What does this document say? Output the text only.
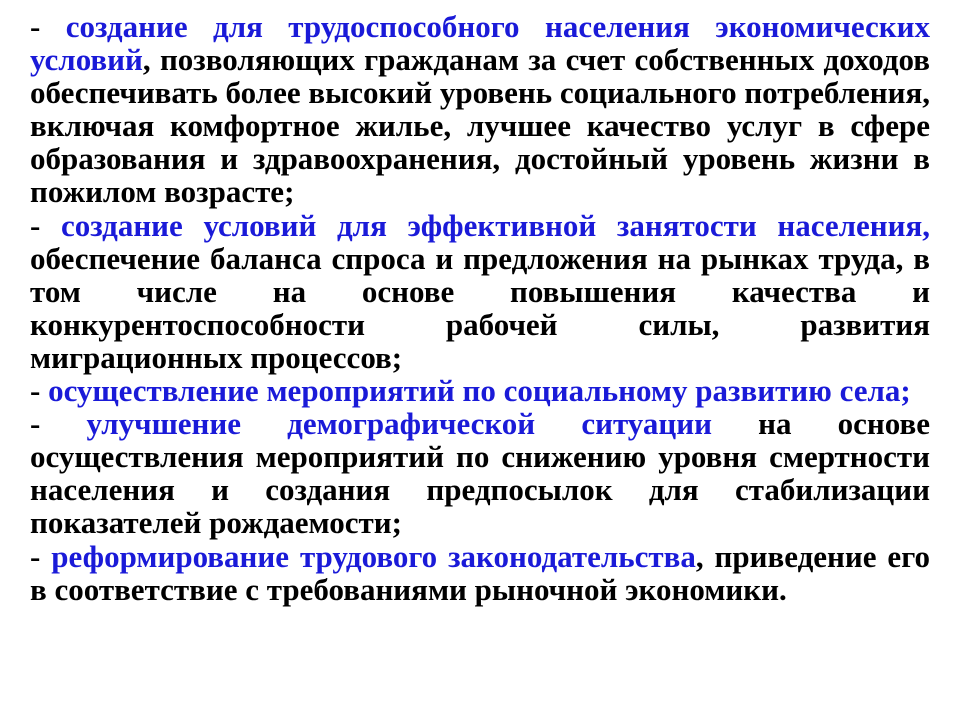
- создание для трудоспособного населения экономических условий, позволяющих гражданам за счет собственных доходов обеспечивать более высокий уровень социального потребления, включая комфортное жилье, лучшее качество услуг в сфере образования и здравоохранения, достойный уровень жизни в пожилом возрасте;

- создание условий для эффективной занятости населения, обеспечение баланса спроса и предложения на рынках труда, в том числе на основе повышения качества и конкурентоспособности рабочей силы, развития миграционных процессов;

- осуществление мероприятий по социальному развитию села;

- улучшение демографической ситуации на основе осуществления мероприятий по снижению уровня смертности населения и создания предпосылок для стабилизации показателей рождаемости;

- реформирование трудового законодательства, приведение его в соответствие с требованиями рыночной экономики.
